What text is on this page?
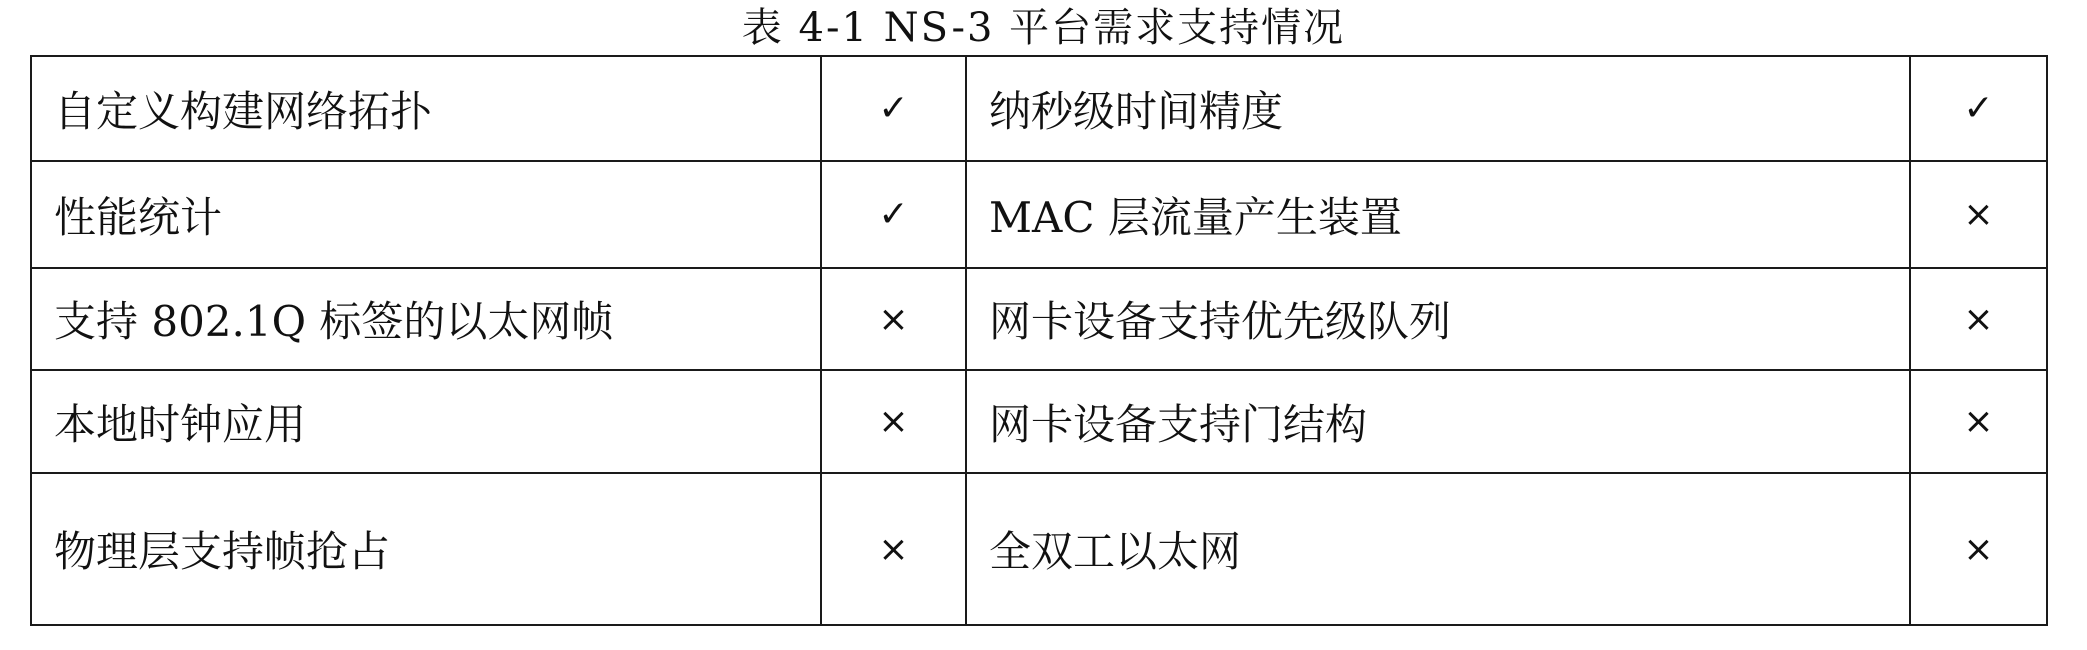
表 4-1 NS-3 平台需求支持情况
自定义构建网络拓扑	✓	纳秒级时间精度	✓
性能统计	✓	MAC 层流量产生装置	×
支持 802.1Q 标签的以太网帧	×	网卡设备支持优先级队列	×
本地时钟应用	×	网卡设备支持门结构	×
物理层支持帧抢占	×	全双工以太网	×
